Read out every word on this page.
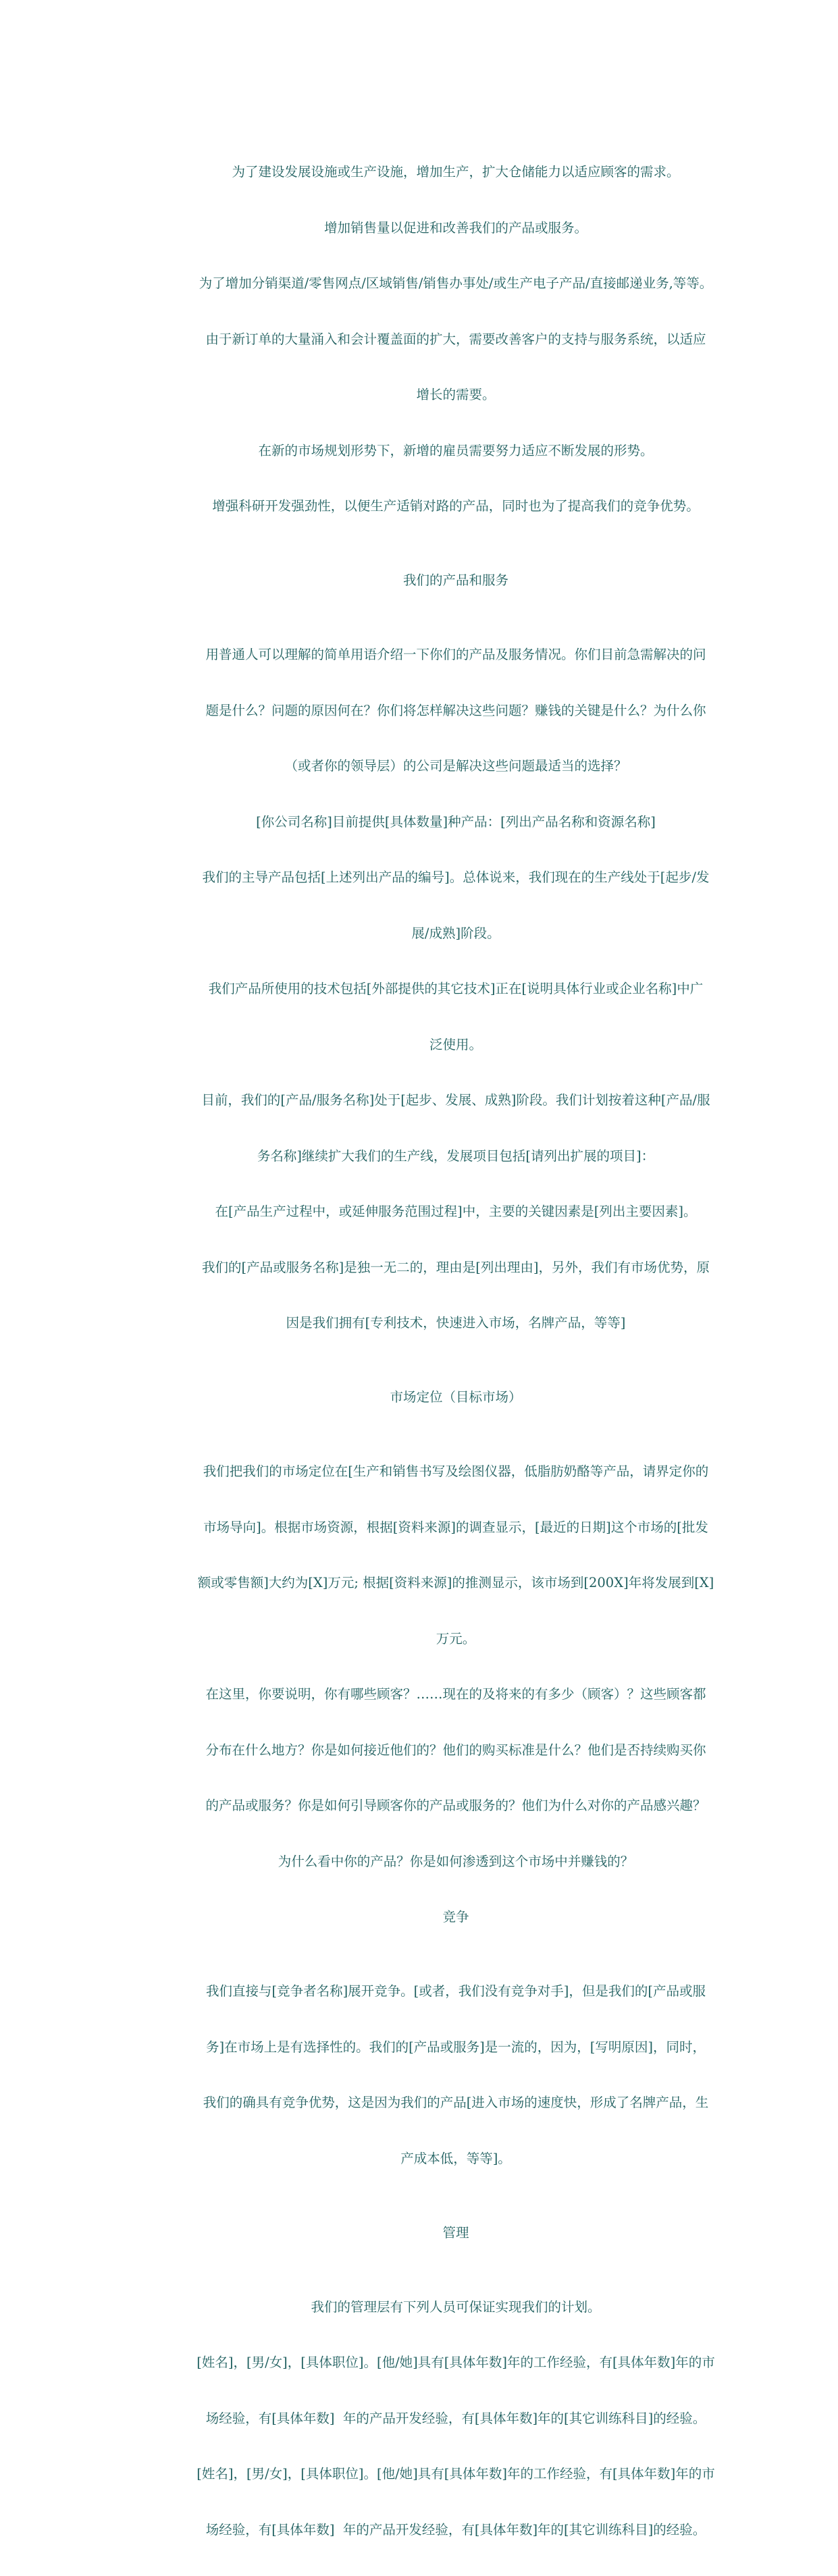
为了建设发展设施或生产设施，增加生产，扩大仓储能力以适应顾客的需求。

增加销售量以促进和改善我们的产品或服务。

为了增加分销渠道/零售网点/区域销售/销售办事处/或生产电子产品/直接邮递业务,等等。

由于新订单的大量涌入和会计覆盖面的扩大，需要改善客户的支持与服务系统，以适应

增长的需要。

在新的市场规划形势下，新增的雇员需要努力适应不断发展的形势。

增强科研开发强劲性，以便生产适销对路的产品，同时也为了提高我们的竞争优势。

我们的产品和服务

用普通人可以理解的简单用语介绍一下你们的产品及服务情况。你们目前急需解决的问

题是什么？问题的原因何在？你们将怎样解决这些问题？赚钱的关键是什么？为什么你

（或者你的领导层）的公司是解决这些问题最适当的选择？

[你公司名称]目前提供[具体数量]种产品：[列出产品名称和资源名称]

我们的主导产品包括[上述列出产品的编号]。总体说来，我们现在的生产线处于[起步/发

展/成熟]阶段。

我们产品所使用的技术包括[外部提供的其它技术]正在[说明具体行业或企业名称]中广

泛使用。

目前，我们的[产品/服务名称]处于[起步、发展、成熟]阶段。我们计划按着这种[产品/服

务名称]继续扩大我们的生产线，发展项目包括[请列出扩展的项目]：

在[产品生产过程中，或延伸服务范围过程]中，主要的关键因素是[列出主要因素]。

我们的[产品或服务名称]是独一无二的，理由是[列出理由]，另外，我们有市场优势，原

因是我们拥有[专利技术，快速进入市场，名牌产品，等等]

市场定位（目标市场）

我们把我们的市场定位在[生产和销售书写及绘图仪器，低脂肪奶酪等产品，请界定你的

市场导向]。根据市场资源，根据[资料来源]的调查显示，[最近的日期]这个市场的[批发

额或零售额]大约为[X]万元; 根据[资料来源]的推测显示，该市场到[200X]年将发展到[X]

万元。

在这里，你要说明，你有哪些顾客？……现在的及将来的有多少（顾客）？这些顾客都

分布在什么地方？你是如何接近他们的？他们的购买标准是什么？他们是否持续购买你

的产品或服务？你是如何引导顾客你的产品或服务的？他们为什么对你的产品感兴趣？

为什么看中你的产品？你是如何渗透到这个市场中并赚钱的？

竞争

我们直接与[竞争者名称]展开竞争。[或者，我们没有竞争对手]，但是我们的[产品或服

务]在市场上是有选择性的。我们的[产品或服务]是一流的，因为，[写明原因]，同时，

我们的确具有竞争优势，这是因为我们的产品[进入市场的速度快，形成了名牌产品，生

产成本低，等等]。

管理

我们的管理层有下列人员可保证实现我们的计划。

[姓名]，[男/女]，[具体职位]。[他/她]具有[具体年数]年的工作经验，有[具体年数]年的市

场经验，有[具体年数]  年的产品开发经验，有[具体年数]年的[其它训练科目]的经验。

[姓名]，[男/女]，[具体职位]。[他/她]具有[具体年数]年的工作经验，有[具体年数]年的市

场经验，有[具体年数]  年的产品开发经验，有[具体年数]年的[其它训练科目]的经验。
